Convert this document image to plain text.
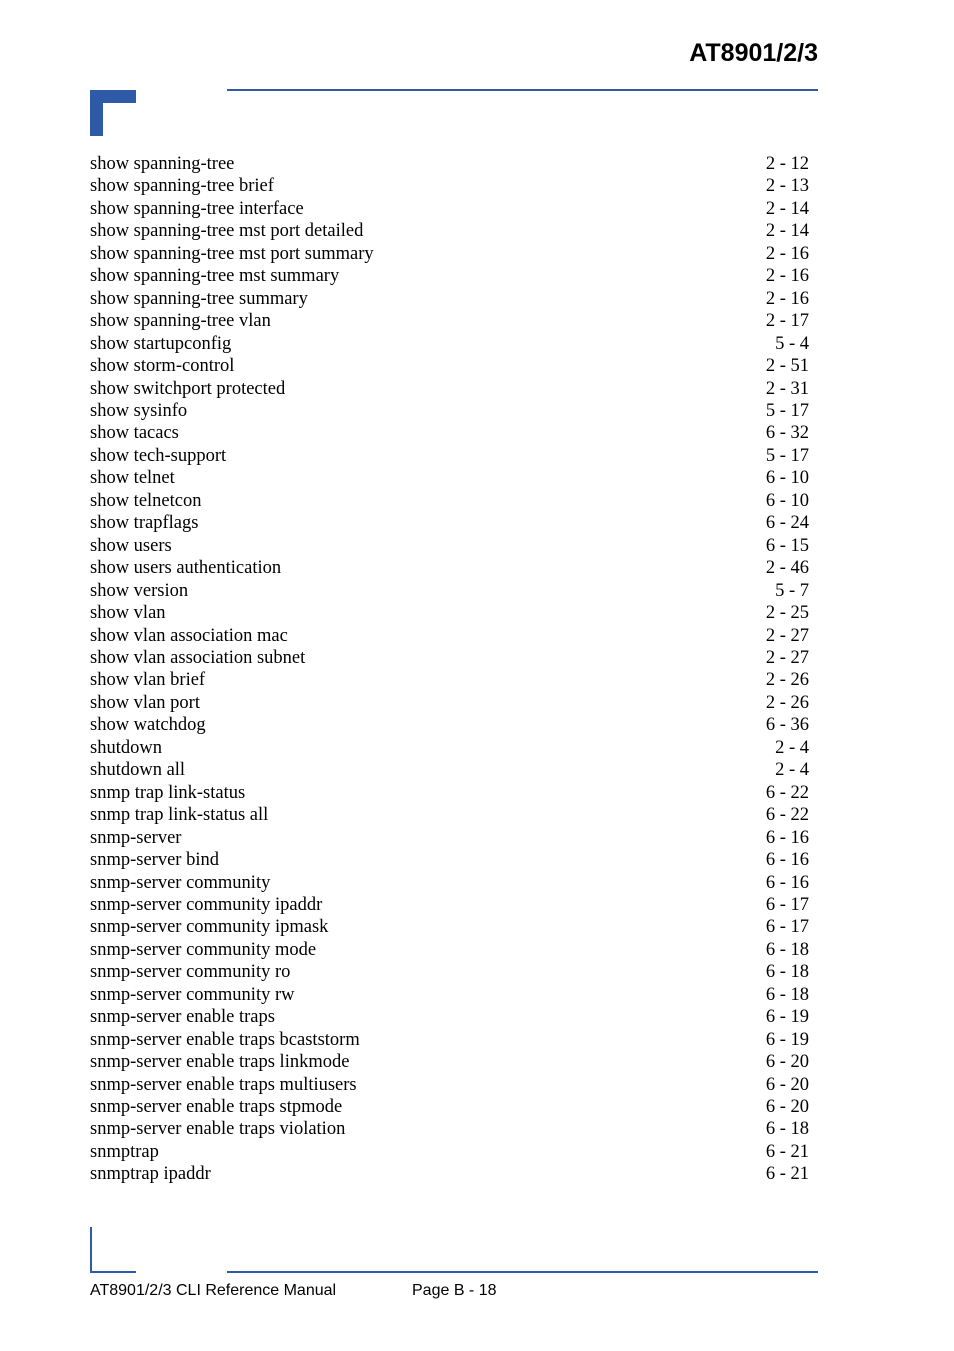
AT8901/2/3
show spanning-tree	2 - 12
show spanning-tree brief	2 - 13
show spanning-tree interface	2 - 14
show spanning-tree mst port detailed	2 - 14
show spanning-tree mst port summary	2 - 16
show spanning-tree mst summary	2 - 16
show spanning-tree summary	2 - 16
show spanning-tree vlan	2 - 17
show startupconfig	5 - 4
show storm-control	2 - 51
show switchport protected	2 - 31
show sysinfo	5 - 17
show tacacs	6 - 32
show tech-support	5 - 17
show telnet	6 - 10
show telnetcon	6 - 10
show trapflags	6 - 24
show users	6 - 15
show users authentication	2 - 46
show version	5 - 7
show vlan	2 - 25
show vlan association mac	2 - 27
show vlan association subnet	2 - 27
show vlan brief	2 - 26
show vlan port	2 - 26
show watchdog	6 - 36
shutdown	2 - 4
shutdown all	2 - 4
snmp trap link-status	6 - 22
snmp trap link-status all	6 - 22
snmp-server	6 - 16
snmp-server bind	6 - 16
snmp-server community	6 - 16
snmp-server community ipaddr	6 - 17
snmp-server community ipmask	6 - 17
snmp-server community mode	6 - 18
snmp-server community ro	6 - 18
snmp-server community rw	6 - 18
snmp-server enable traps	6 - 19
snmp-server enable traps bcaststorm	6 - 19
snmp-server enable traps linkmode	6 - 20
snmp-server enable traps multiusers	6 - 20
snmp-server enable traps stpmode	6 - 20
snmp-server enable traps violation	6 - 18
snmptrap	6 - 21
snmptrap ipaddr	6 - 21
AT8901/2/3 CLI Reference Manual	Page B - 18
